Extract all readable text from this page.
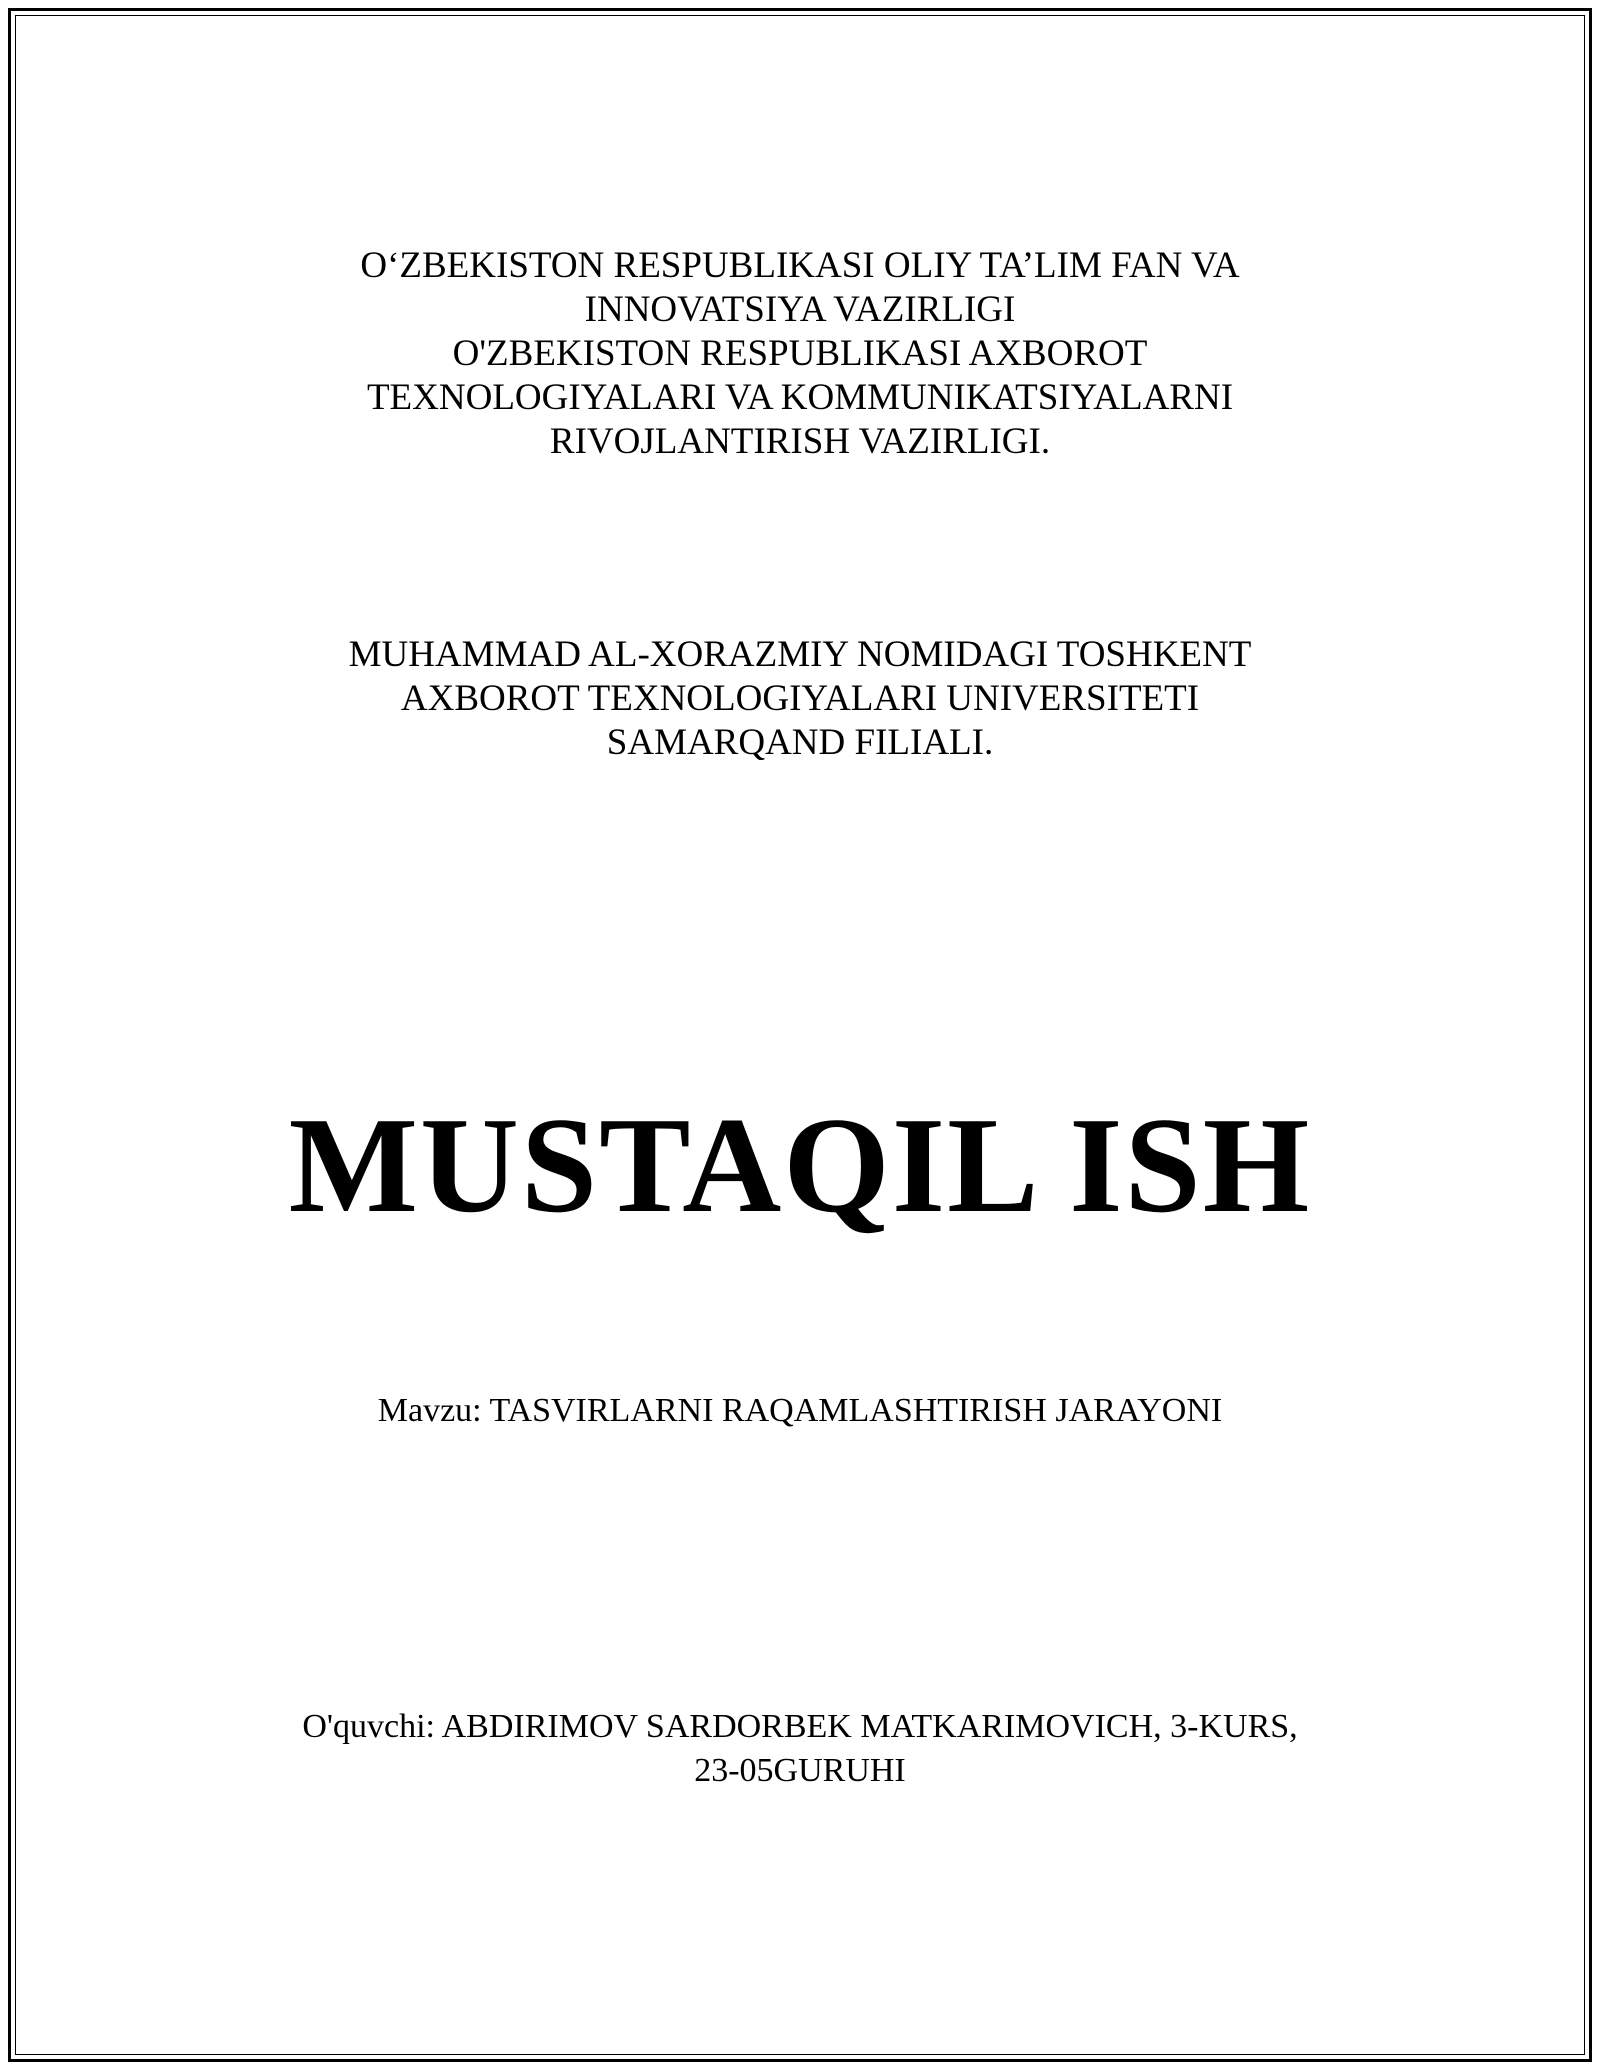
O‘ZBEKISTON RESPUBLIKASI OLIY TA’LIM FAN VA
INNOVATSIYA VAZIRLIGI
O'ZBEKISTON RESPUBLIKASI AXBOROT
TEXNOLOGIYALARI VA KOMMUNIKATSIYALARNI
RIVOJLANTIRISH VAZIRLIGI.
MUHAMMAD AL-XORAZMIY NOMIDAGI TOSHKENT
AXBOROT TEXNOLOGIYALARI UNIVERSITETI
SAMARQAND FILIALI.
MUSTAQIL ISH
Mavzu: TASVIRLARNI RAQAMLASHTIRISH JARAYONI
O'quvchi: ABDIRIMOV SARDORBEK MATKARIMOVICH, 3-KURS,
23-05GURUHI
